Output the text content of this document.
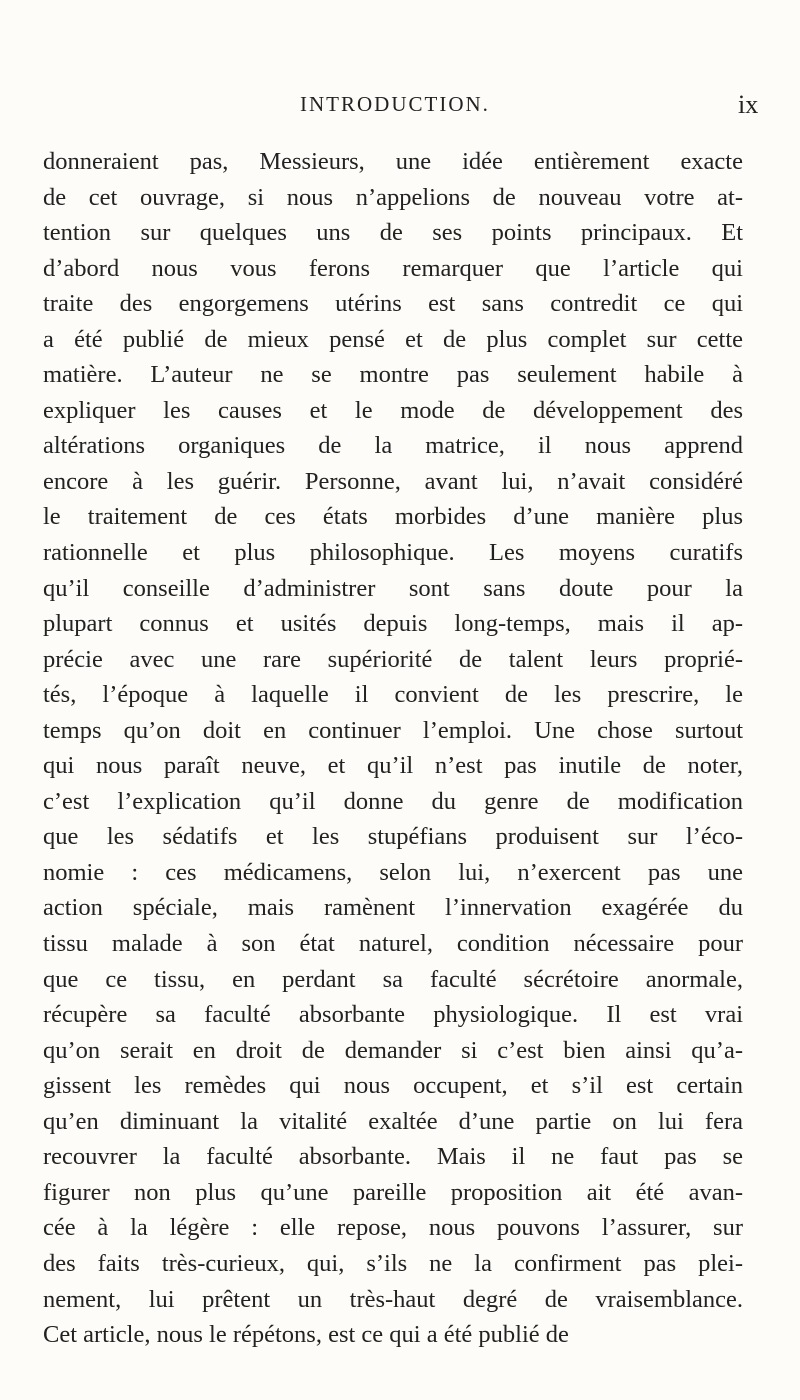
INTRODUCTION.	ix
donneraient pas, Messieurs, une idée entièrement exacte
de cet ouvrage, si nous n’appelions de nouveau votre at-
tention sur quelques uns de ses points principaux. Et
d’abord nous vous ferons remarquer que l’article qui
traite des engorgemens utérins est sans contredit ce qui
a été publié de mieux pensé et de plus complet sur cette
matière. L’auteur ne se montre pas seulement habile à
expliquer les causes et le mode de développement des
altérations organiques de la matrice, il nous apprend
encore à les guérir. Personne, avant lui, n’avait considéré
le traitement de ces états morbides d’une manière plus
rationnelle et plus philosophique. Les moyens curatifs
qu’il conseille d’administrer sont sans doute pour la
plupart connus et usités depuis long-temps, mais il ap-
précie avec une rare supériorité de talent leurs proprié-
tés, l’époque à laquelle il convient de les prescrire, le
temps qu’on doit en continuer l’emploi. Une chose surtout
qui nous paraît neuve, et qu’il n’est pas inutile de noter,
c’est l’explication qu’il donne du genre de modification
que les sédatifs et les stupéfians produisent sur l’éco-
nomie : ces médicamens, selon lui, n’exercent pas une
action spéciale, mais ramènent l’innervation exagérée du
tissu malade à son état naturel, condition nécessaire pour
que ce tissu, en perdant sa faculté sécrétoire anormale,
récupère sa faculté absorbante physiologique. Il est vrai
qu’on serait en droit de demander si c’est bien ainsi qu’a-
gissent les remèdes qui nous occupent, et s’il est certain
qu’en diminuant la vitalité exaltée d’une partie on lui fera
recouvrer la faculté absorbante. Mais il ne faut pas se
figurer non plus qu’une pareille proposition ait été avan-
cée à la légère : elle repose, nous pouvons l’assurer, sur
des faits très-curieux, qui, s’ils ne la confirment pas plei-
nement, lui prêtent un très-haut degré de vraisemblance.
Cet article, nous le répétons, est ce qui a été publié de
